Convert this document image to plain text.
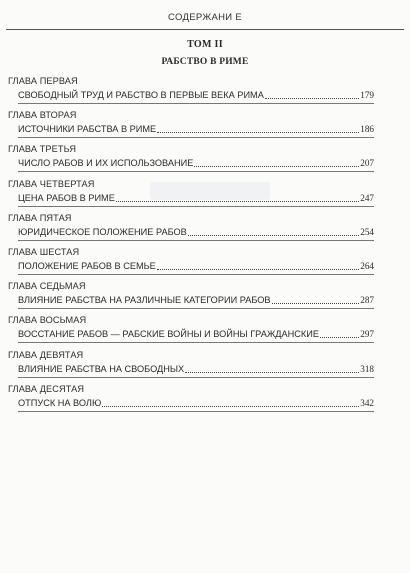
СОДЕРЖАНИ Е
ТОМ II
РАБСТВО В РИМЕ
ГЛАВА ПЕРВАЯ
СВОБОДНЫЙ ТРУД И РАБСТВО В ПЕРВЫЕ ВЕКА РИМА	179
ГЛАВА ВТОРАЯ
ИСТОЧНИКИ РАБСТВА В РИМЕ	186
ГЛАВА ТРЕТЬЯ
ЧИСЛО РАБОВ И ИХ ИСПОЛЬЗОВАНИЕ	207
ГЛАВА ЧЕТВЕРТАЯ
ЦЕНА РАБОВ В РИМЕ	247
ГЛАВА ПЯТАЯ
ЮРИДИЧЕСКОЕ ПОЛОЖЕНИЕ РАБОВ	254
ГЛАВА ШЕСТАЯ
ПОЛОЖЕНИЕ РАБОВ В СЕМЬЕ	264
ГЛАВА СЕДЬМАЯ
ВЛИЯНИЕ РАБСТВА НА РАЗЛИЧНЫЕ КАТЕГОРИИ РАБОВ	287
ГЛАВА ВОСЬМАЯ
ВОССТАНИЕ РАБОВ — РАБСКИЕ ВОЙНЫ И ВОЙНЫ ГРАЖДАНСКИЕ	297
ГЛАВА ДЕВЯТАЯ
ВЛИЯНИЕ РАБСТВА НА СВОБОДНЫХ	318
ГЛАВА ДЕСЯТАЯ
ОТПУСК НА ВОЛЮ	342
